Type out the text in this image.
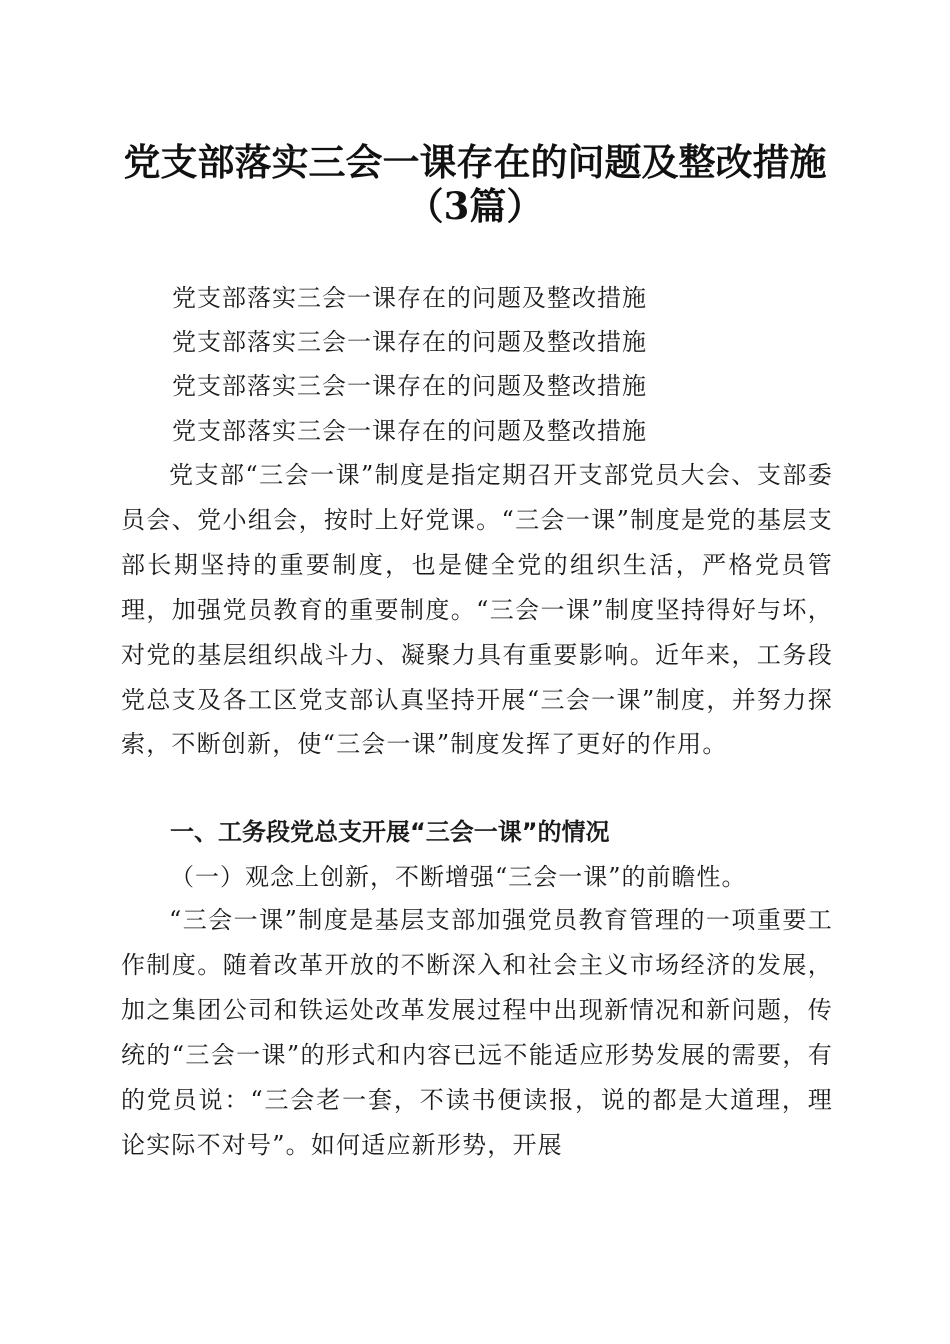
党支部落实三会一课存在的问题及整改措施
（3篇）
党支部落实三会一课存在的问题及整改措施
党支部落实三会一课存在的问题及整改措施
党支部落实三会一课存在的问题及整改措施
党支部落实三会一课存在的问题及整改措施

党支部“三会一课”制度是指定期召开支部党员大会、支部委员会、党小组会，按时上好党课。“三会一课”制度是党的基层支部长期坚持的重要制度，也是健全党的组织生活，严格党员管理，加强党员教育的重要制度。“三会一课”制度坚持得好与坏，对党的基层组织战斗力、凝聚力具有重要影响。近年来，工务段党总支及各工区党支部认真坚持开展“三会一课”制度，并努力探索，不断创新，使“三会一课”制度发挥了更好的作用。

一、工务段党总支开展“三会一课”的情况
（一）观念上创新，不断增强“三会一课”的前瞻性。

“三会一课”制度是基层支部加强党员教育管理的一项重要工作制度。随着改革开放的不断深入和社会主义市场经济的发展，加之集团公司和铁运处改革发展过程中出现新情况和新问题，传统的“三会一课”的形式和内容已远不能适应形势发展的需要，有的党员说：“三会老一套，不读书便读报，说的都是大道理，理论实际不对号”。如何适应新形势，开展
